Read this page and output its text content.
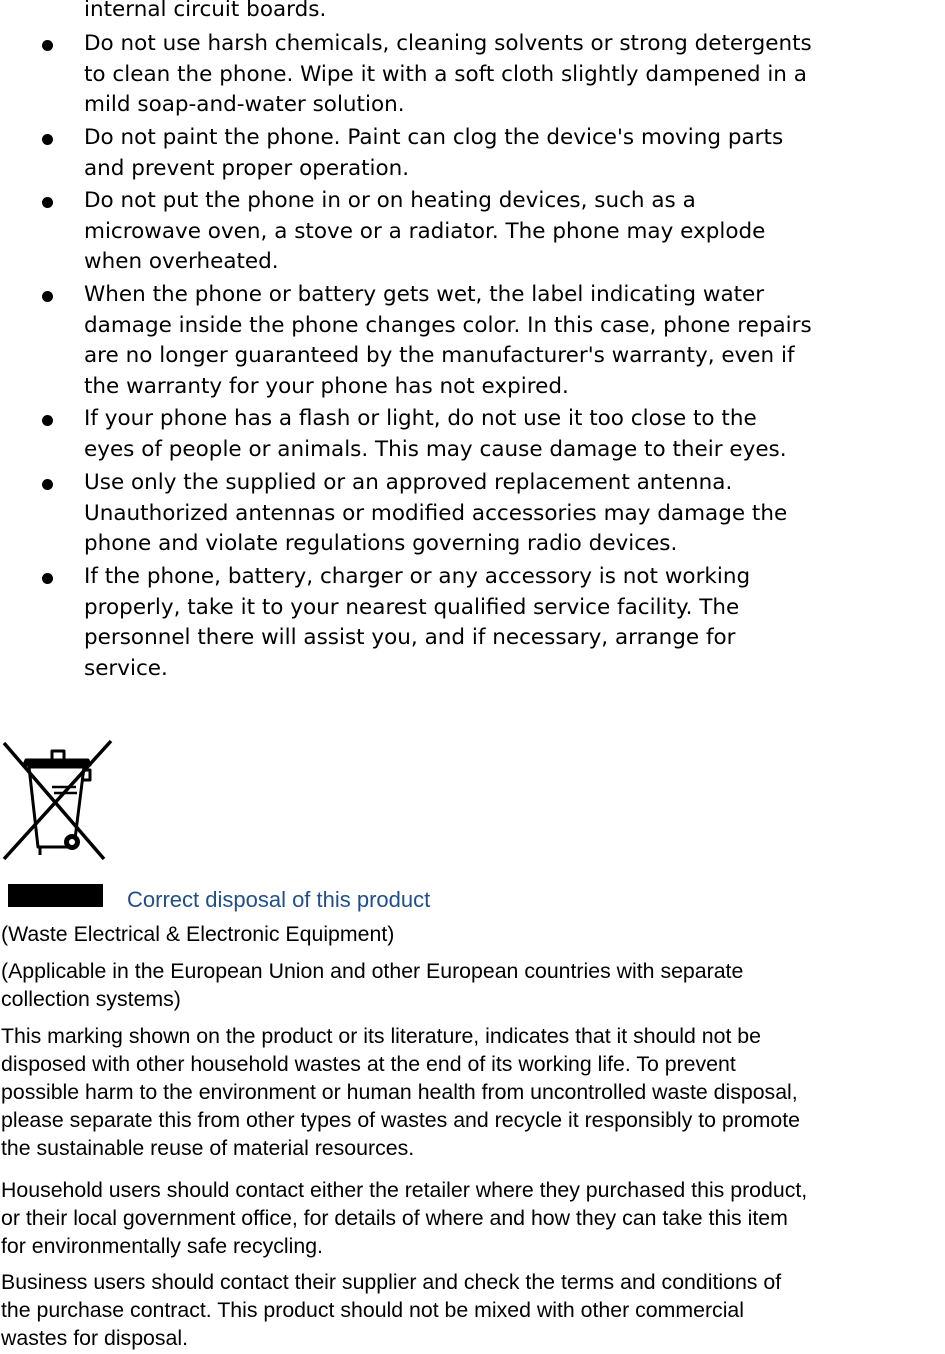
internal circuit boards.
Do not use harsh chemicals, cleaning solvents or strong detergents
to clean the phone. Wipe it with a soft cloth slightly dampened in a
mild soap-and-water solution.
Do not paint the phone. Paint can clog the device's moving parts
and prevent proper operation.
Do not put the phone in or on heating devices, such as a
microwave oven, a stove or a radiator. The phone may explode
when overheated.
When the phone or battery gets wet, the label indicating water
damage inside the phone changes color. In this case, phone repairs
are no longer guaranteed by the manufacturer's warranty, even if
the warranty for your phone has not expired.
If your phone has a flash or light, do not use it too close to the
eyes of people or animals. This may cause damage to their eyes.
Use only the supplied or an approved replacement antenna.
Unauthorized antennas or modified accessories may damage the
phone and violate regulations governing radio devices.
If the phone, battery, charger or any accessory is not working
properly, take it to your nearest qualified service facility. The
personnel there will assist you, and if necessary, arrange for
service.
Correct disposal of this product
(Waste Electrical & Electronic Equipment)
(Applicable in the European Union and other European countries with separate
collection systems)
This marking shown on the product or its literature, indicates that it should not be
disposed with other household wastes at the end of its working life. To prevent
possible harm to the environment or human health from uncontrolled waste disposal,
please separate this from other types of wastes and recycle it responsibly to promote
the sustainable reuse of material resources.
Household users should contact either the retailer where they purchased this product,
or their local government office, for details of where and how they can take this item
for environmentally safe recycling.
Business users should contact their supplier and check the terms and conditions of
the purchase contract. This product should not be mixed with other commercial
wastes for disposal.
